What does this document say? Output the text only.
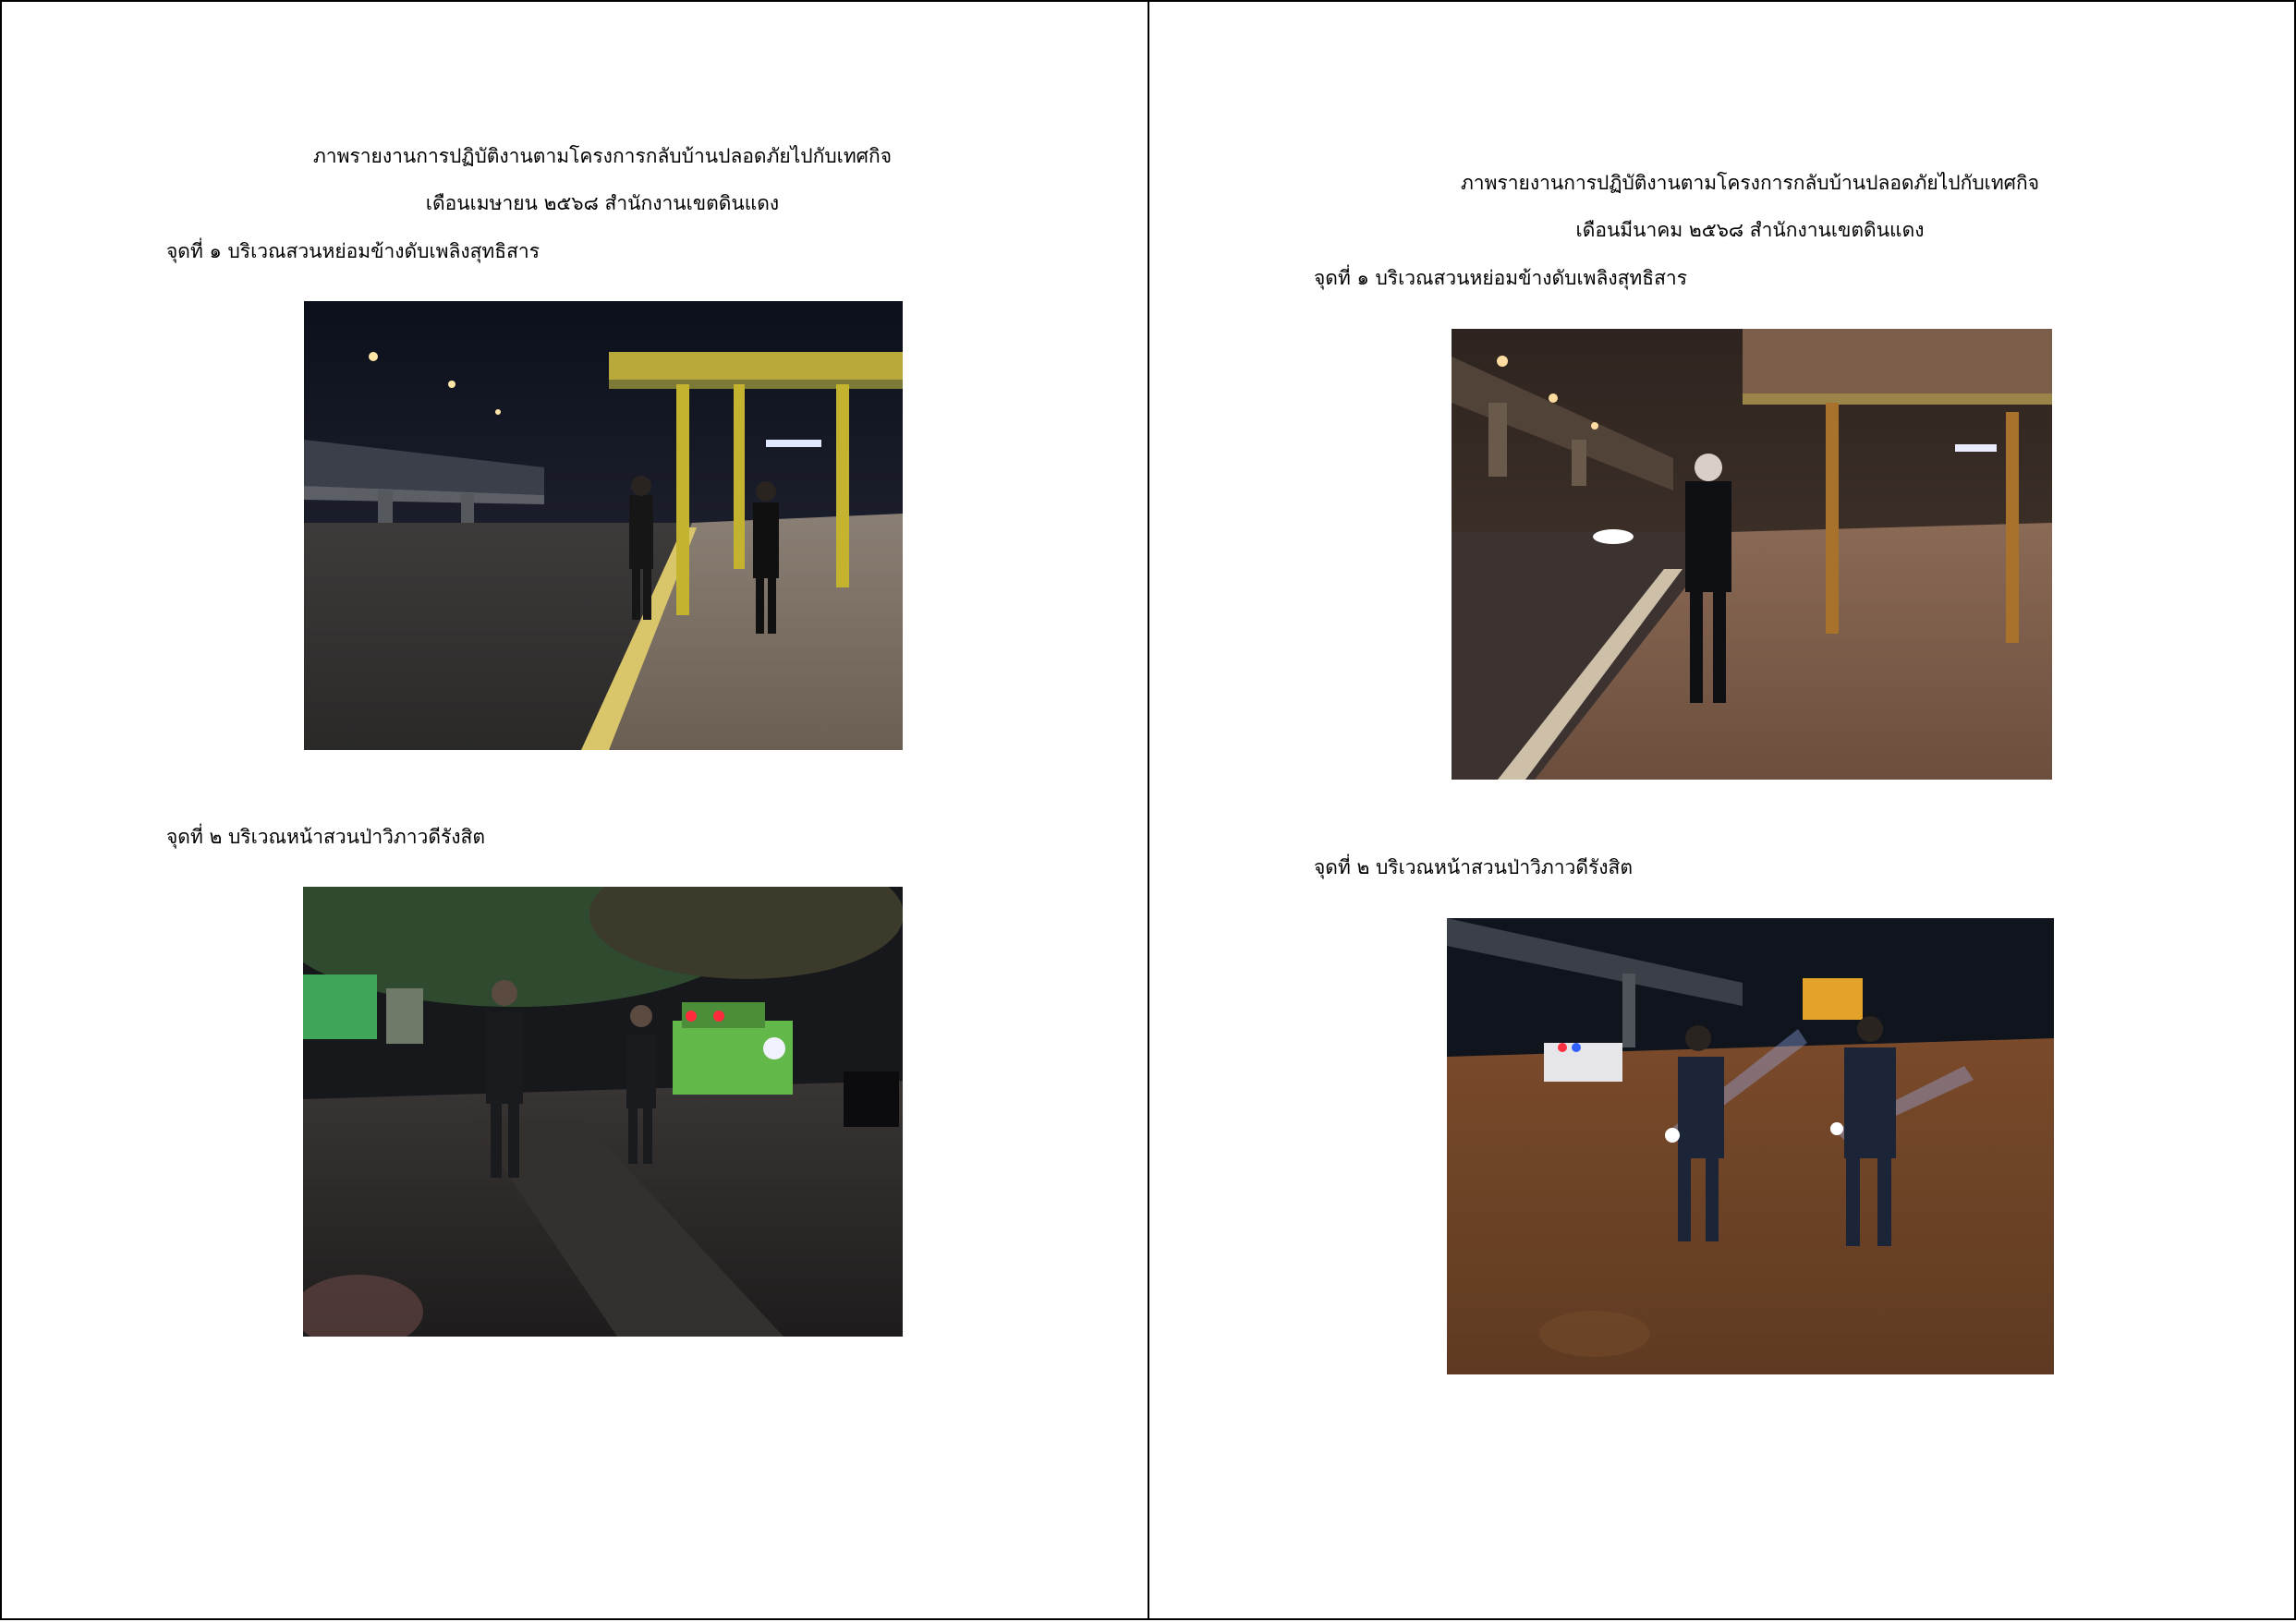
ภาพรายงานการปฏิบัติงานตามโครงการกลับบ้านปลอดภัยไปกับเทศกิจ
เดือนเมษายน ๒๕๖๘ สำนักงานเขตดินแดง
จุดที่ ๑ บริเวณสวนหย่อมข้างดับเพลิงสุทธิสาร
จุดที่ ๒ บริเวณหน้าสวนป่าวิภาวดีรังสิต
ภาพรายงานการปฏิบัติงานตามโครงการกลับบ้านปลอดภัยไปกับเทศกิจ
เดือนมีนาคม ๒๕๖๘ สำนักงานเขตดินแดง
จุดที่ ๑ บริเวณสวนหย่อมข้างดับเพลิงสุทธิสาร
จุดที่ ๒ บริเวณหน้าสวนป่าวิภาวดีรังสิต
